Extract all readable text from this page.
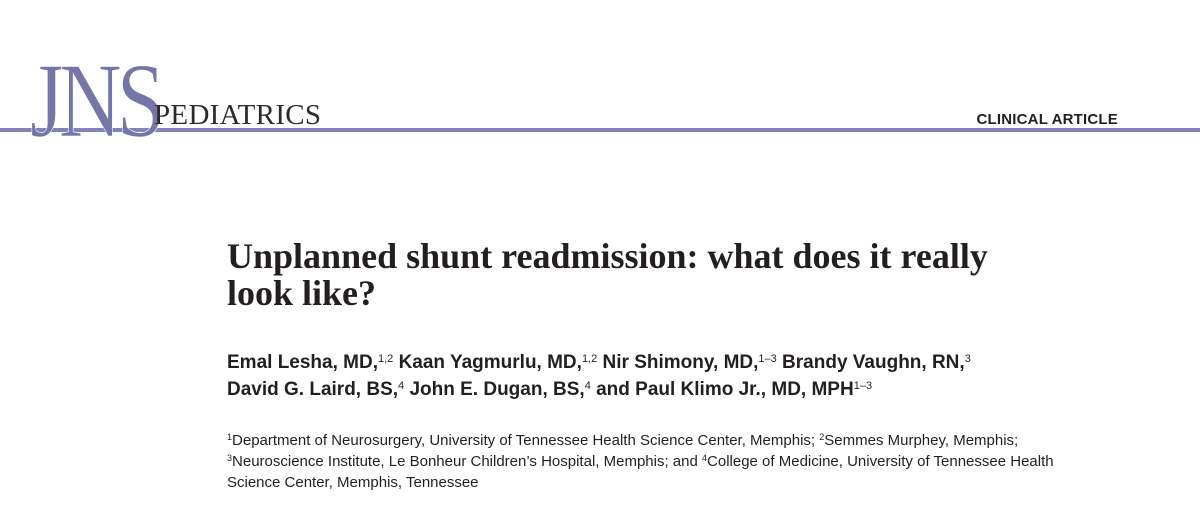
JNS
PEDIATRICS	CLINICAL ARTICLE
Unplanned shunt readmission: what does it really look like?
Emal Lesha, MD,$^{1,2}$ Kaan Yagmurlu, MD,$^{1,2}$ Nir Shimony, MD,$^{1-3}$ Brandy Vaughn, RN,$^3$
David G. Laird, BS,$^4$ John E. Dugan, BS,$^4$ and Paul Klimo Jr., MD, MPH$^{1-3}$
$^1$Department of Neurosurgery, University of Tennessee Health Science Center, Memphis; $^2$Semmes Murphey, Memphis;
$^3$Neuroscience Institute, Le Bonheur Children’s Hospital, Memphis; and $^4$College of Medicine, University of Tennessee Health Science Center, Memphis, Tennessee
